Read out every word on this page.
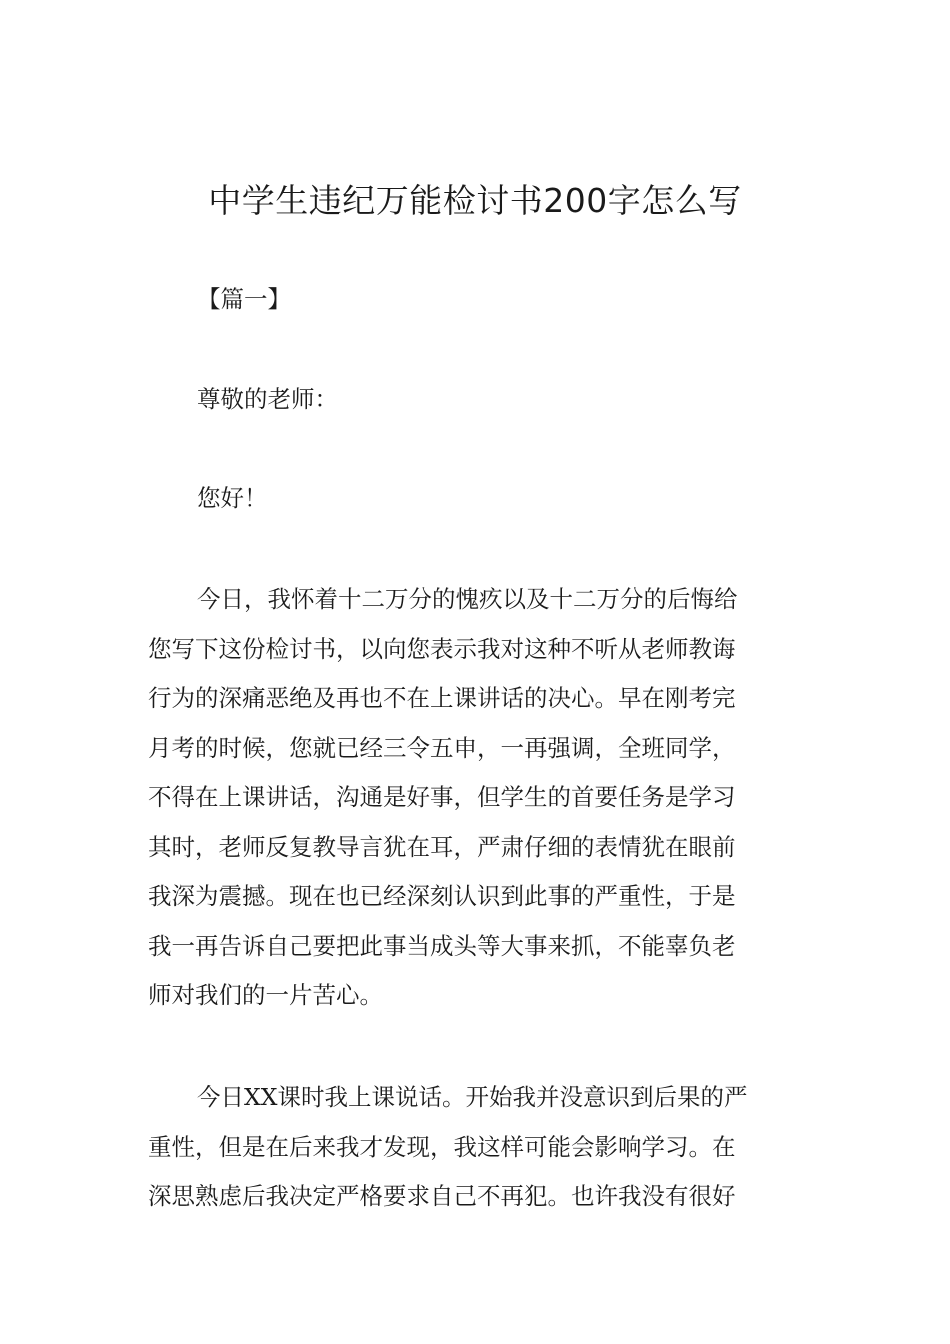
中学生违纪万能检讨书200字怎么写
【篇一】
尊敬的老师：
您好！
今日，我怀着十二万分的愧疚以及十二万分的后悔给
您写下这份检讨书，以向您表示我对这种不听从老师教诲
行为的深痛恶绝及再也不在上课讲话的决心。早在刚考完
月考的时候，您就已经三令五申，一再强调，全班同学，
不得在上课讲话，沟通是好事，但学生的首要任务是学习
其时，老师反复教导言犹在耳，严肃仔细的表情犹在眼前
我深为震撼。现在也已经深刻认识到此事的严重性，于是
我一再告诉自己要把此事当成头等大事来抓，不能辜负老
师对我们的一片苦心。
今日XX课时我上课说话。开始我并没意识到后果的严
重性，但是在后来我才发现，我这样可能会影响学习。在
深思熟虑后我决定严格要求自己不再犯。也许我没有很好
